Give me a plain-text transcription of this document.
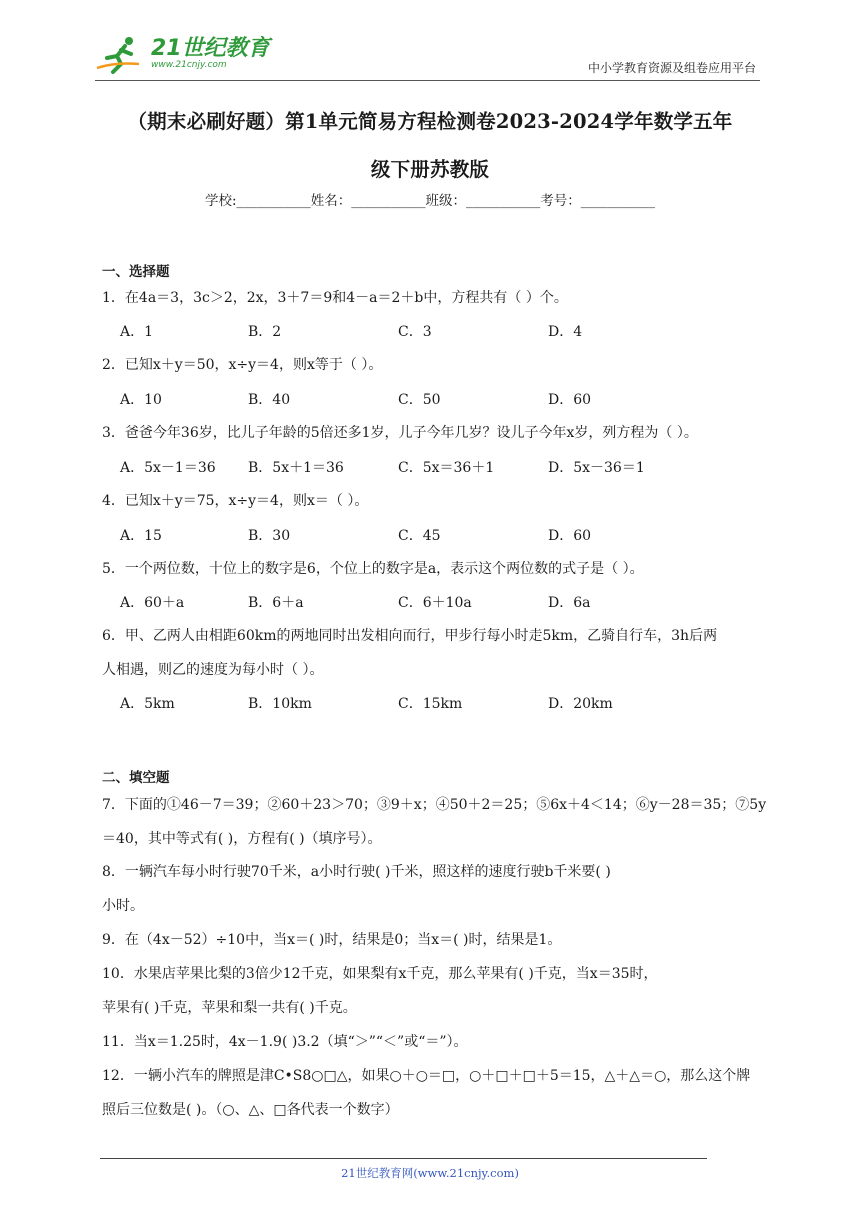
21世纪教育
www.21cnjy.com	中小学教育资源及组卷应用平台
（期末必刷好题）第1单元简易方程检测卷2023-2024学年数学五年
级下册苏教版
学校:___________姓名：___________班级：___________考号：___________
一、选择题
1．在4a＝3，3c＞2，2x，3＋7＝9和4－a＝2＋b中，方程共有（ ）个。
A．1	B．2	C．3	D．4
2．已知x＋y＝50，x÷y＝4，则x等于（ ）。
A．10	B．40	C．50	D．60
3．爸爸今年36岁，比儿子年龄的5倍还多1岁，儿子今年几岁？设儿子今年x岁，列方程为（ ）。
A．5x－1＝36 B．5x＋1＝36	C．5x＝36＋1	D．5x－36＝1
4．已知x＋y＝75，x÷y＝4，则x＝（ ）。
A．15	B．30	C．45	D．60
5．一个两位数，十位上的数字是6，个位上的数字是a，表示这个两位数的式子是（ ）。
A．60＋a	B．6＋a	C．6＋10a	D．6a
6．甲、乙两人由相距60km的两地同时出发相向而行，甲步行每小时走5km，乙骑自行车，3h后两
人相遇，则乙的速度为每小时（ ）。
A．5km	B．10km	C．15km	D．20km
二、填空题
7．下面的①46－7＝39；②60＋23＞70；③9＋x；④50＋2＝25；⑤6x＋4＜14；⑥y－28＝35；⑦5y
＝40，其中等式有( )，方程有( )（填序号）。
8．一辆汽车每小时行驶70千米，a小时行驶( )千米，照这样的速度行驶b千米要( )
小时。
9．在（4x－52）÷10中，当x＝( )时，结果是0；当x＝( )时，结果是1。
10．水果店苹果比梨的3倍少12千克，如果梨有x千克，那么苹果有( )千克，当x＝35时，
苹果有( )千克，苹果和梨一共有( )千克。
11．当x＝1.25时，4x－1.9( )3.2（填“＞”“＜”或“＝”）。
12．一辆小汽车的牌照是津C•S8○□△，如果○＋○＝□，○＋□＋□＋5＝15，△＋△＝○，那么这个牌
照后三位数是( )。（○、△、□各代表一个数字）
21世纪教育网(www.21cnjy.com)
